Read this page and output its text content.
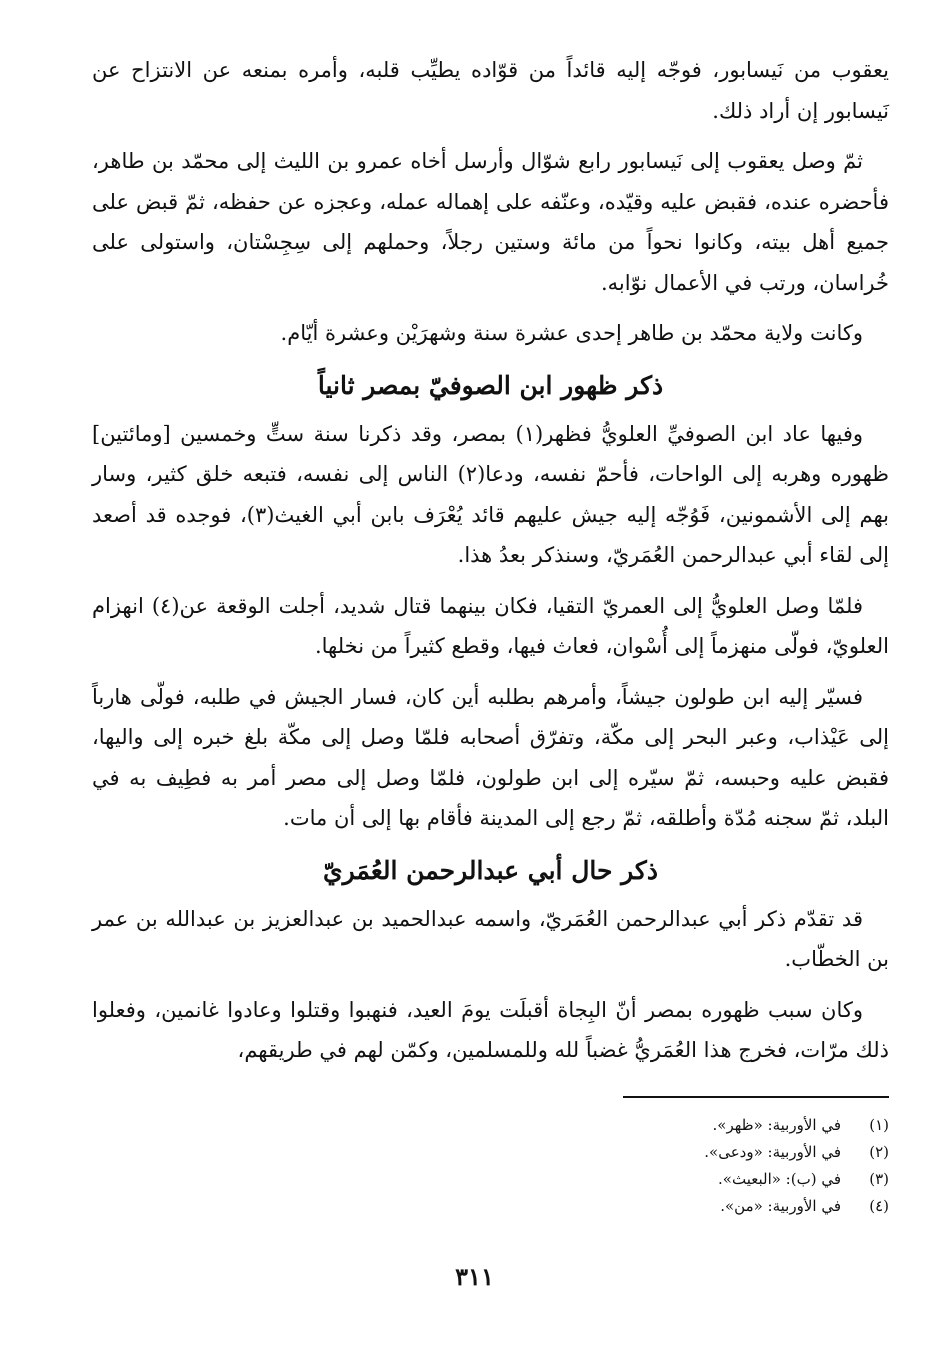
يعقوب من نَيسابور، فوجّه إليه قائداً من قوّاده يطيِّب قلبه، وأمره بمنعه عن الانتزاح عن نَيسابور إن أراد ذلك.

ثمّ وصل يعقوب إلى نَيسابور رابع شوّال وأرسل أخاه عمرو بن الليث إلى محمّد بن طاهر، فأحضره عنده، فقبض عليه وقيّده، وعنّفه على إهماله عمله، وعجزه عن حفظه، ثمّ قبض على جميع أهل بيته، وكانوا نحواً من مائة وستين رجلاً، وحملهم إلى سِجِسْتان، واستولى على خُراسان، ورتب في الأعمال نوّابه.

وكانت ولاية محمّد بن طاهر إحدى عشرة سنة وشهرَيْن وعشرة أيّام.

ذكر ظهور ابن الصوفيّ بمصر ثانياً

وفيها عاد ابن الصوفيِّ العلويُّ فظهر(١) بمصر، وقد ذكرنا سنة ستٍّ وخمسين [ومائتين] ظهوره وهربه إلى الواحات، فأحمّ نفسه، ودعا(٢) الناس إلى نفسه، فتبعه خلق كثير، وسار بهم إلى الأشمونين، فَوُجّه إليه جيش عليهم قائد يُعْرَف بابن أبي الغيث(٣)، فوجده قد أصعد إلى لقاء أبي عبدالرحمن العُمَريّ، وسنذكر بعدُ هذا.

فلمّا وصل العلويُّ إلى العمريّ التقيا، فكان بينهما قتال شديد، أجلت الوقعة عن(٤) انهزام العلويّ، فولّى منهزماً إلى أُسْوان، فعاث فيها، وقطع كثيراً من نخلها.

فسيّر إليه ابن طولون جيشاً، وأمرهم بطلبه أين كان، فسار الجيش في طلبه، فولّى هارباً إلى عَيْذاب، وعبر البحر إلى مكّة، وتفرّق أصحابه فلمّا وصل إلى مكّة بلغ خبره إلى واليها، فقبض عليه وحبسه، ثمّ سيّره إلى ابن طولون، فلمّا وصل إلى مصر أمر به فطِيف به في البلد، ثمّ سجنه مُدّة وأطلقه، ثمّ رجع إلى المدينة فأقام بها إلى أن مات.

ذكر حال أبي عبدالرحمن العُمَريّ

قد تقدّم ذكر أبي عبدالرحمن العُمَريّ، واسمه عبدالحميد بن عبدالعزيز بن عبدالله بن عمر بن الخطّاب.

وكان سبب ظهوره بمصر أنّ البِجاة أقبلَت يومَ العيد، فنهبوا وقتلوا وعادوا غانمين، وفعلوا ذلك مرّات، فخرج هذا العُمَريُّ غضباً لله وللمسلمين، وكمّن لهم في طريقهم،

(١)
في الأوربية: «ظهر».
(٢)
في الأوربية: «ودعى».
(٣)
في (ب): «البعيث».
(٤)
في الأوربية: «من».
٣١١
